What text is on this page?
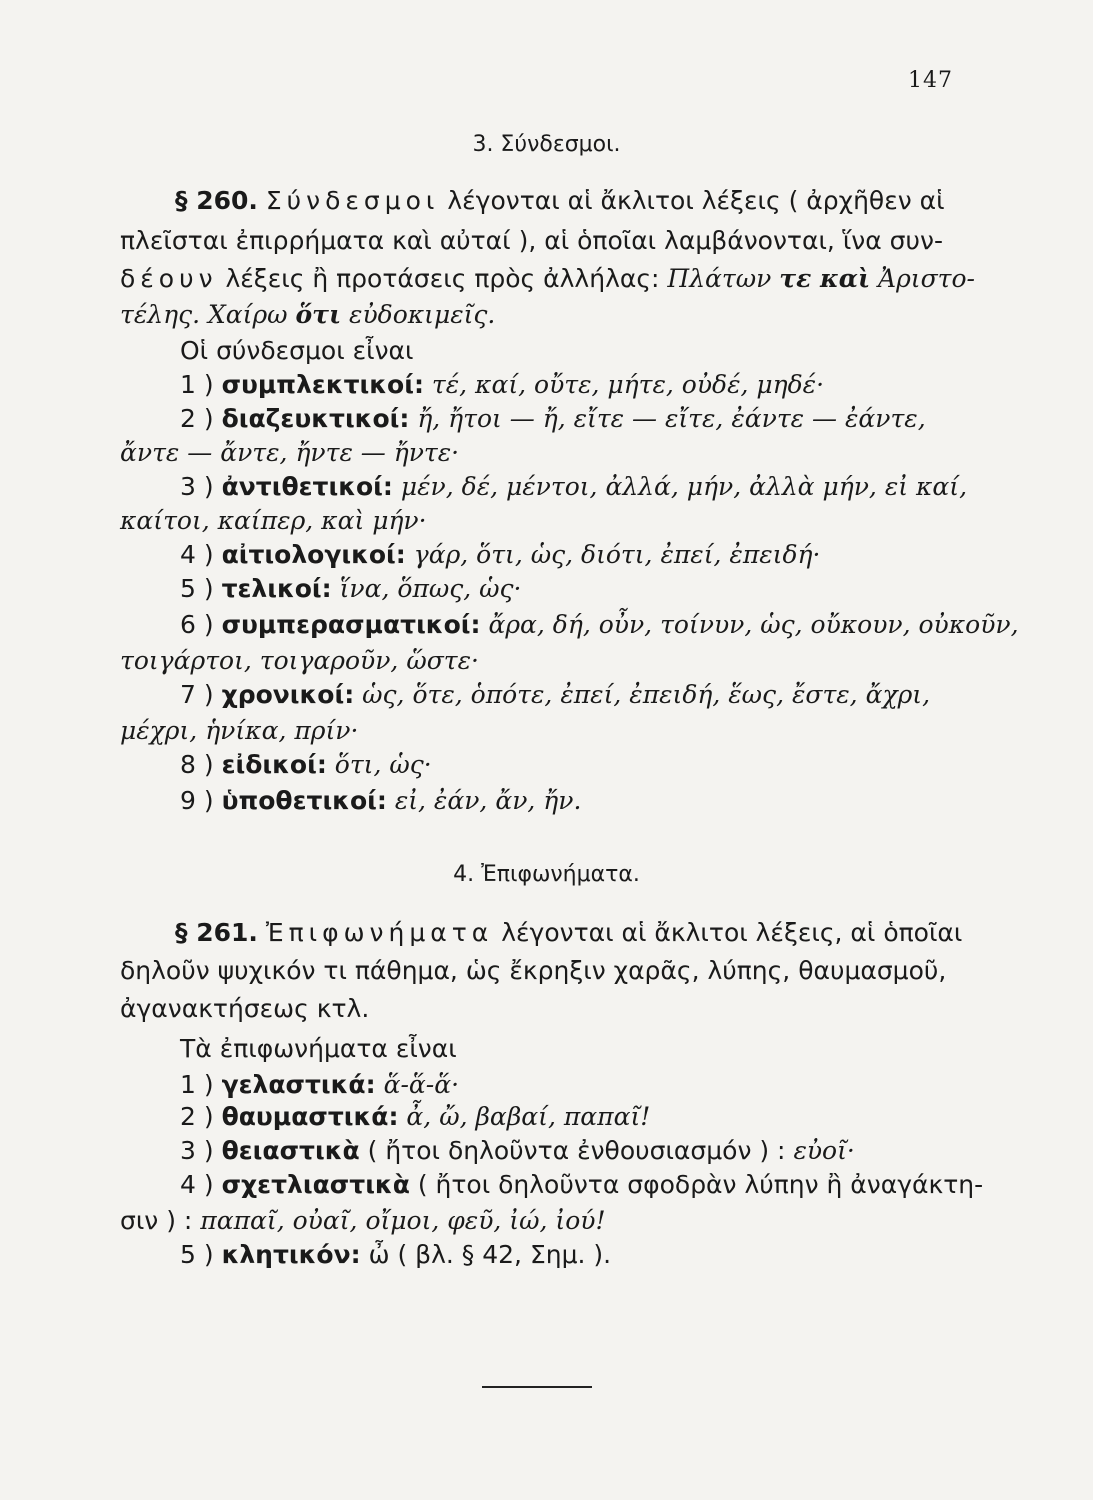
147
3. Σύνδεσμοι.
§ 260. Σύνδεσμοι λέγονται αἱ ἄκλιτοι λέξεις ( ἀρχῆθεν αἱ
πλεῖσται ἐπιρρήματα καὶ αὐταί ), αἱ ὁποῖαι λαμβάνονται, ἵνα συν-
δέουν λέξεις ἢ προτάσεις πρὸς ἀλλήλας: Πλάτων τε καὶ Ἀριστο-
τέλης. Χαίρω ὅτι εὐδοκιμεῖς.
Οἱ σύνδεσμοι εἶναι
1 ) συμπλεκτικοί: τέ, καί, οὔτε, μήτε, οὐδέ, μηδέ·
2 ) διαζευκτικοί: ἤ, ἤτοι — ἤ, εἴτε — εἴτε, ἐάντε — ἐάντε,
ἄντε — ἄντε, ἤντε — ἤντε·
3 ) ἀντιθετικοί: μέν, δέ, μέντοι, ἀλλά, μήν, ἀλλὰ μήν, εἰ καί,
καίτοι, καίπερ, καὶ μήν·
4 ) αἰτιολογικοί: γάρ, ὅτι, ὡς, διότι, ἐπεί, ἐπειδή·
5 ) τελικοί: ἵνα, ὅπως, ὡς·
6 ) συμπερασματικοί: ἄρα, δή, οὖν, τοίνυν, ὡς, οὔκουν, οὐκοῦν,
τοιγάρτοι, τοιγαροῦν, ὥστε·
7 ) χρονικοί: ὡς, ὅτε, ὁπότε, ἐπεί, ἐπειδή, ἕως, ἔστε, ἄχρι,
μέχρι, ἡνίκα, πρίν·
8 ) εἰδικοί: ὅτι, ὡς·
9 ) ὑποθετικοί: εἰ, ἐάν, ἄν, ἤν.
4. Ἐπιφωνήματα.
§ 261. Ἐπιφωνήματα λέγονται αἱ ἄκλιτοι λέξεις, αἱ ὁποῖαι
δηλοῦν ψυχικόν τι πάθημα, ὡς ἔκρηξιν χαρᾶς, λύπης, θαυμασμοῦ,
ἀγανακτήσεως κτλ.
Τὰ ἐπιφωνήματα εἶναι
1 ) γελαστικά: ἅ-ἅ-ἅ·
2 ) θαυμαστικά: ἆ, ὤ, βαβαί, παπαῖ!
3 ) θειαστικὰ ( ἤτοι δηλοῦντα ἐνθουσιασμόν ) : εὐοῖ·
4 ) σχετλιαστικὰ ( ἤτοι δηλοῦντα σφοδρὰν λύπην ἢ ἀναγάκτη-
σιν ) : παπαῖ, οὐαῖ, οἴμοι, φεῦ, ἰώ, ἰού!
5 ) κλητικόν: ὦ ( βλ. § 42, Σημ. ).
